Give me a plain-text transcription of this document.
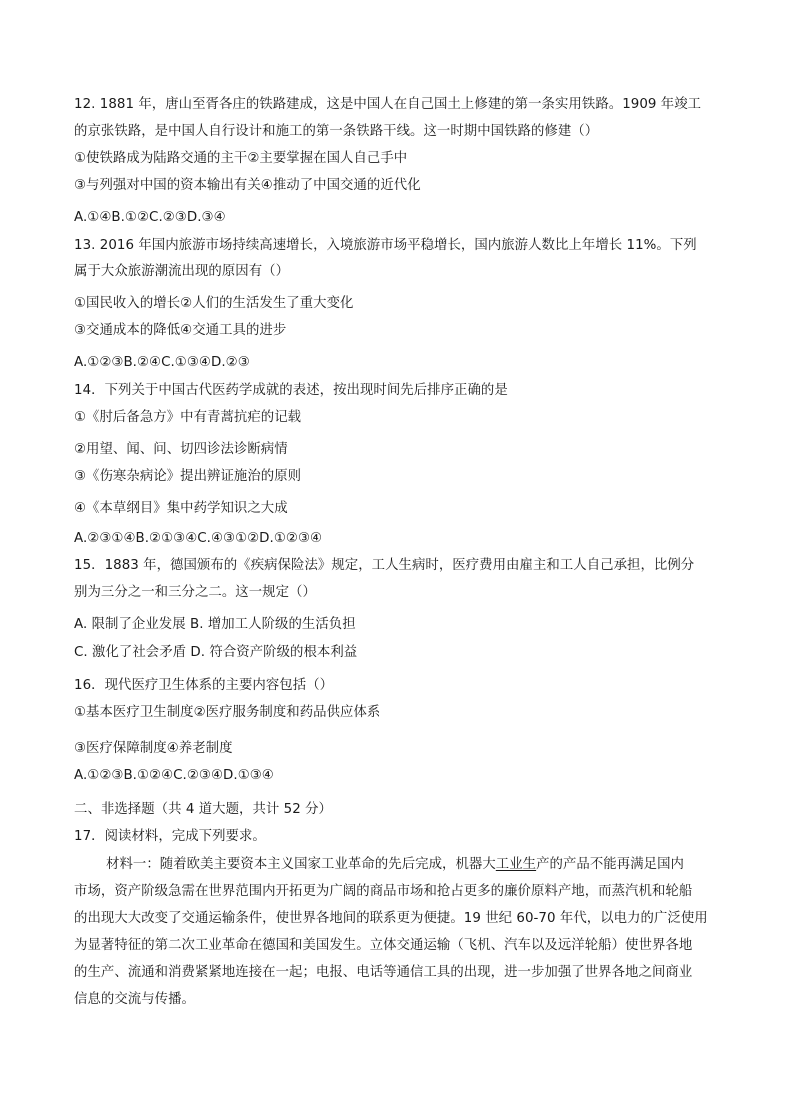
12. 1881 年，唐山至胥各庄的铁路建成，这是中国人在自己国土上修建的第一条实用铁路。1909 年竣工
的京张铁路，是中国人自行设计和施工的第一条铁路干线。这一时期中国铁路的修建（）
①使铁路成为陆路交通的主干②主要掌握在国人自己手中
③与列强对中国的资本输出有关④推动了中国交通的近代化
A.①④B.①②C.②③D.③④
13. 2016 年国内旅游市场持续高速增长，入境旅游市场平稳增长，国内旅游人数比上年增长 11%。下列
属于大众旅游潮流出现的原因有（）
①国民收入的增长②人们的生活发生了重大变化
③交通成本的降低④交通工具的进步
A.①②③B.②④C.①③④D.②③
14．下列关于中国古代医药学成就的表述，按出现时间先后排序正确的是
①《肘后备急方》中有青蒿抗疟的记载
②用望、闻、问、切四诊法诊断病情
③《伤寒杂病论》提出辨证施治的原则
④《本草纲目》集中药学知识之大成
A.②③①④B.②①③④C.④③①②D.①②③④
15．1883 年，德国颁布的《疾病保险法》规定，工人生病时，医疗费用由雇主和工人自己承担，比例分
别为三分之一和三分之二。这一规定（）
A. 限制了企业发展 B. 增加工人阶级的生活负担
C. 激化了社会矛盾 D. 符合资产阶级的根本利益
16．现代医疗卫生体系的主要内容包括（）
①基本医疗卫生制度②医疗服务制度和药品供应体系
③医疗保障制度④养老制度
A.①②③B.①②④C.②③④D.①③④
二、非选择题（共 4 道大题，共计 52 分）
17．阅读材料，完成下列要求。
材料一：随着欧美主要资本主义国家工业革命的先后完成，机器大工业生产的产品不能再满足国内
市场，资产阶级急需在世界范围内开拓更为广阔的商品市场和抢占更多的廉价原料产地，而蒸汽机和轮船
的出现大大改变了交通运输条件，使世界各地间的联系更为便捷。19 世纪 60-70 年代，以电力的广泛使用
为显著特征的第二次工业革命在德国和美国发生。立体交通运输（飞机、汽车以及远洋轮船）使世界各地
的生产、流通和消费紧紧地连接在一起；电报、电话等通信工具的出现，进一步加强了世界各地之间商业
信息的交流与传播。
